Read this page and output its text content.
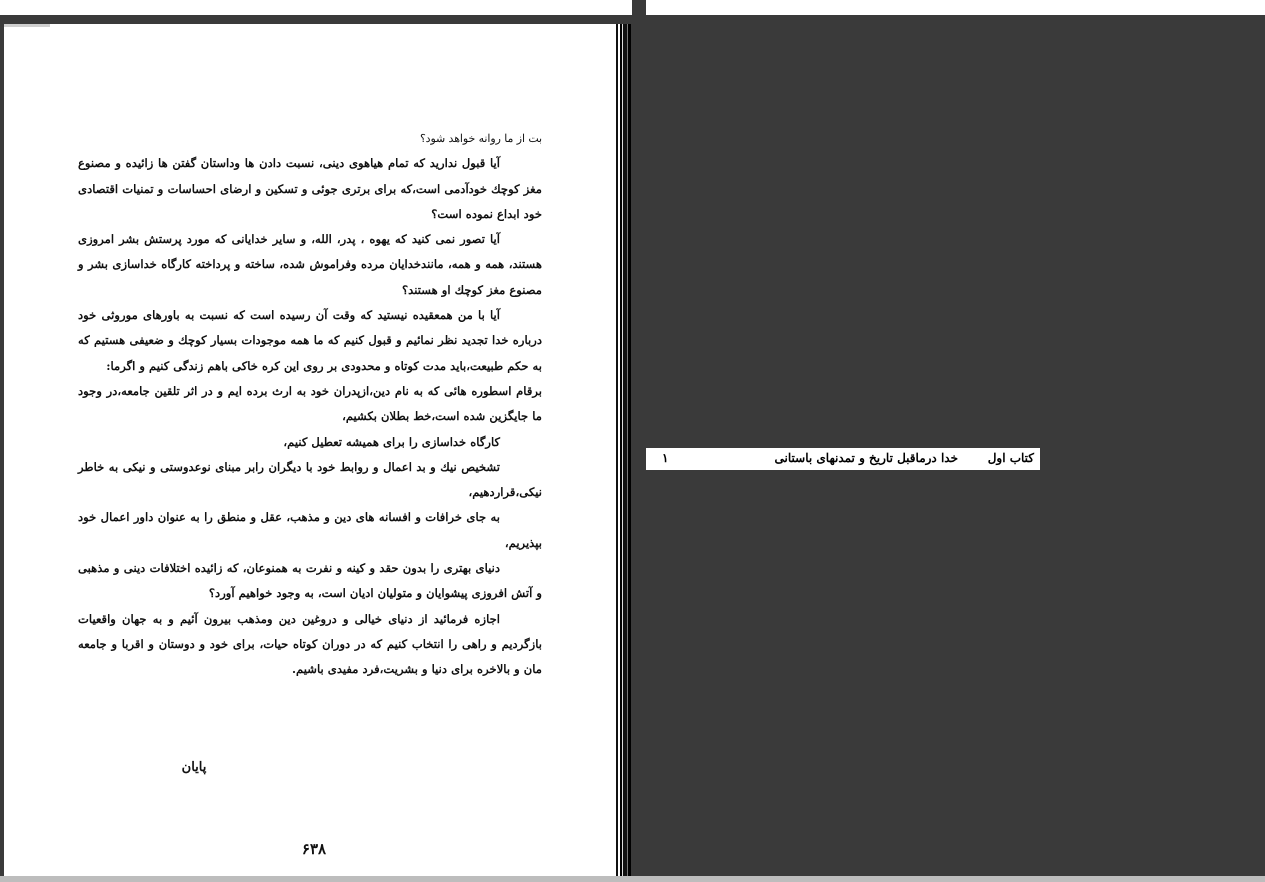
بت از ما روانه خواهد شود؟

آیا قبول ندارید که تمام هیاهوی دینی، نسبت دادن ها وداستان گفتن ها زائیده و مصنوع مغز کوچك خودآدمی است،که برای برتری جوئی و تسکین و ارضای احساسات و تمنیات اقتصادی خود ابداع نموده است؟

آیا تصور نمی کنید که یهوه ، پدر، الله، و سایر خدایانی که مورد پرستش بشر امروزی هستند، همه و همه، مانندخدایان مرده وفراموش شده، ساخته و پرداخته کارگاه خداسازی بشر و مصنوع مغز کوچك او هستند؟

آیا با من همعقیده نیستید که وقت آن رسیده است که نسبت به باورهای موروثی خود درباره خدا تجدید نظر نمائیم و قبول کنیم که ما همه موجودات بسیار کوچك و ضعیفی هستیم که به حکم طبیعت،باید مدت کوتاه و محدودی بر روی این کره خاکی باهم زندگی کنیم و اگرما:

برقام اسطوره هائی که به نام دین،ازپدران خود به ارث برده ایم و در اثر تلقین جامعه،در وجود ما جایگزین شده است،خط بطلان بکشیم،

کارگاه خداسازی را برای همیشه تعطیل کنیم،

تشخیص نیك و بد اعمال و روابط خود با دیگران رابر مبنای نوعدوستی و نیکی به خاطر نیکی،قراردهیم،

به جای خرافات و افسانه های دین و مذهب، عقل و منطق را به عنوان داور اعمال خود بپذیریم،

دنیای بهتری را بدون حقد و کینه و نفرت به همنوعان، که زائیده اختلافات دینی و مذهبی و آتش افروزی پیشوایان و متولیان ادیان است، به وجود خواهیم آورد؟

اجازه فرمائید از دنیای خیالی و دروغین دین ومذهب بیرون آئیم و به جهان واقعیات بازگردیم و راهی را انتخاب کنیم که در دوران کوتاه حیات، برای خود و دوستان و اقربا و جامعه مان و بالاخره برای دنیا و بشریت،فرد مفیدی باشیم.

پایان
۶۳۸
کتاب اول
خدا درماقبل تاریخ و تمدنهای باستانی
۱
